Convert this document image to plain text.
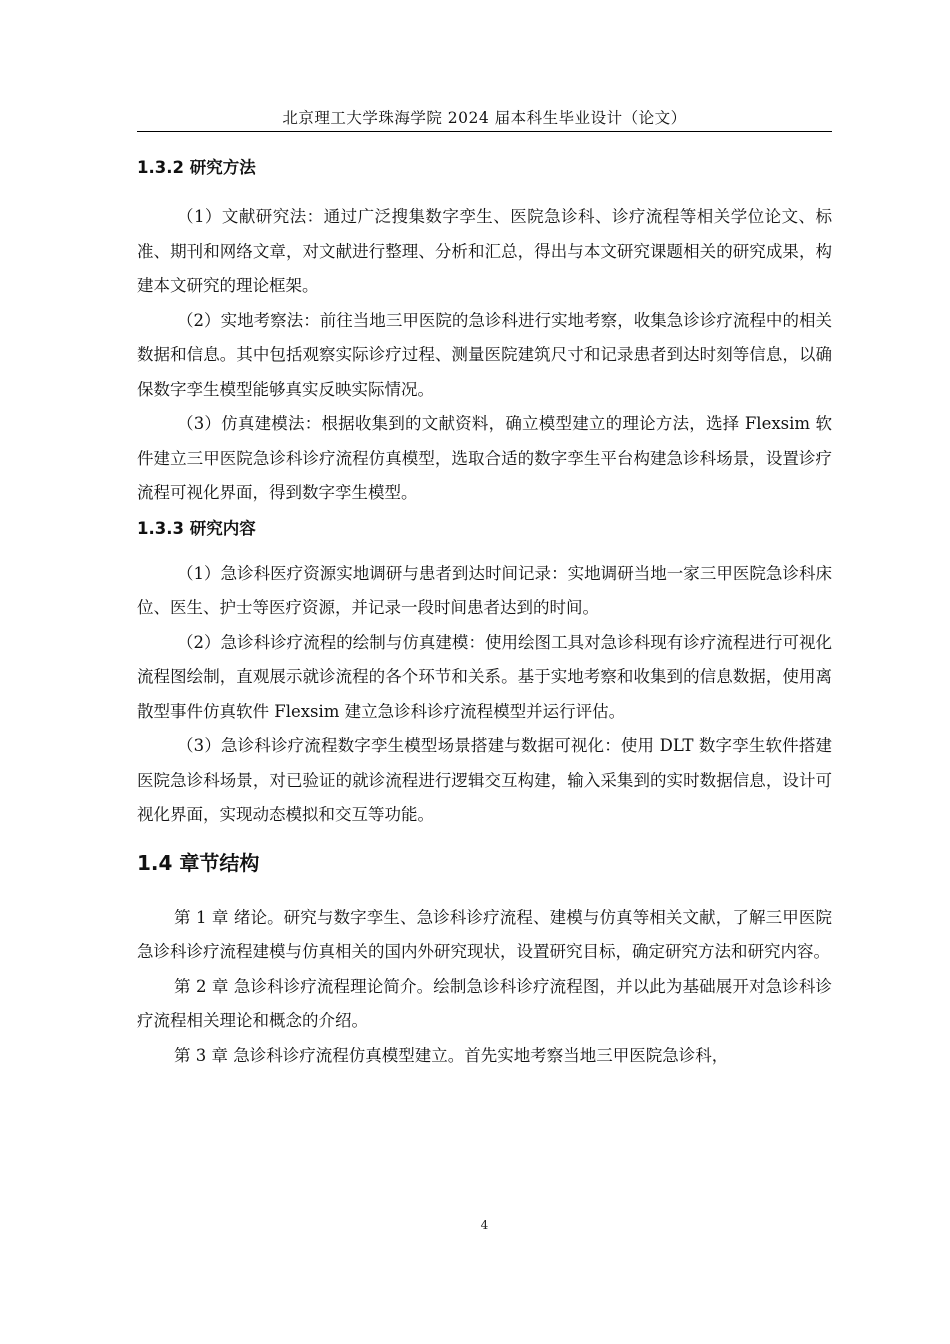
北京理工大学珠海学院 2024 届本科生毕业设计（论文）
1.3.2 研究方法

（1）文献研究法：通过广泛搜集数字孪生、医院急诊科、诊疗流程等相关学位论文、标准、期刊和网络文章，对文献进行整理、分析和汇总，得出与本文研究课题相关的研究成果，构建本文研究的理论框架。

（2）实地考察法：前往当地三甲医院的急诊科进行实地考察，收集急诊诊疗流程中的相关数据和信息。其中包括观察实际诊疗过程、测量医院建筑尺寸和记录患者到达时刻等信息，以确保数字孪生模型能够真实反映实际情况。

（3）仿真建模法：根据收集到的文献资料，确立模型建立的理论方法，选择 Flexsim 软件建立三甲医院急诊科诊疗流程仿真模型，选取合适的数字孪生平台构建急诊科场景，设置诊疗流程可视化界面，得到数字孪生模型。

1.3.3 研究内容

（1）急诊科医疗资源实地调研与患者到达时间记录：实地调研当地一家三甲医院急诊科床位、医生、护士等医疗资源，并记录一段时间患者达到的时间。

（2）急诊科诊疗流程的绘制与仿真建模：使用绘图工具对急诊科现有诊疗流程进行可视化流程图绘制，直观展示就诊流程的各个环节和关系。基于实地考察和收集到的信息数据，使用离散型事件仿真软件 Flexsim 建立急诊科诊疗流程模型并运行评估。

（3）急诊科诊疗流程数字孪生模型场景搭建与数据可视化：使用 DLT 数字孪生软件搭建医院急诊科场景，对已验证的就诊流程进行逻辑交互构建，输入采集到的实时数据信息，设计可视化界面，实现动态模拟和交互等功能。

1.4 章节结构

第 1 章 绪论。研究与数字孪生、急诊科诊疗流程、建模与仿真等相关文献，了解三甲医院急诊科诊疗流程建模与仿真相关的国内外研究现状，设置研究目标，确定研究方法和研究内容。

第 2 章 急诊科诊疗流程理论简介。绘制急诊科诊疗流程图，并以此为基础展开对急诊科诊疗流程相关理论和概念的介绍。

第 3 章 急诊科诊疗流程仿真模型建立。首先实地考察当地三甲医院急诊科，

4
